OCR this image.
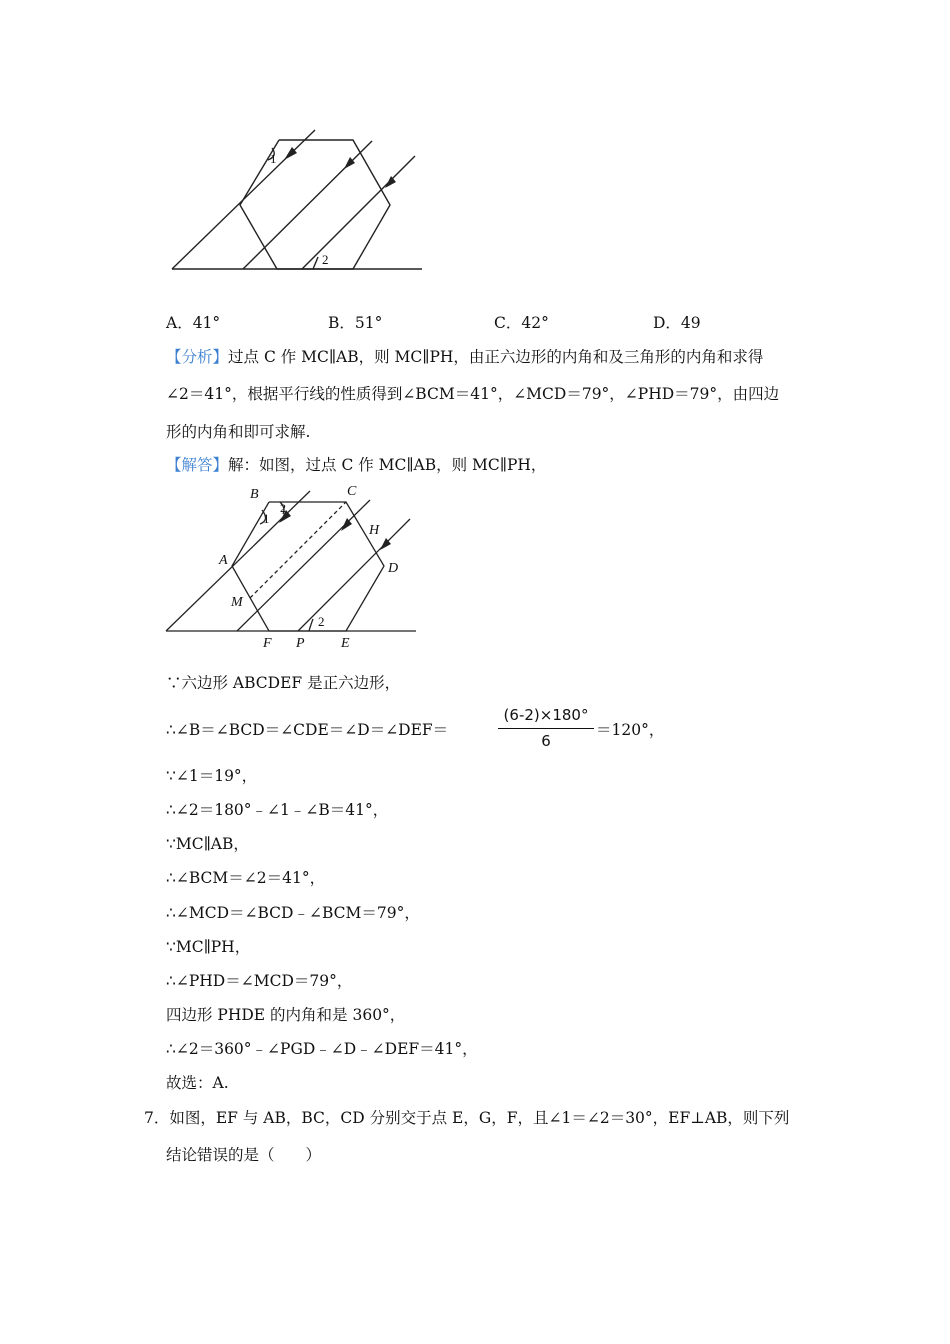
1
2
A．41°	B．51°	C．42°	D．49
【分析】过点 C 作 MC∥AB，则 MC∥PH，由正六边形的内角和及三角形的内角和求得
∠2＝41°，根据平行线的性质得到∠BCM＝41°，∠MCD＝79°，∠PHD＝79°，由四边
形的内角和即可求解.
【解答】解：如图，过点 C 作 MC∥AB，则 MC∥PH，
B	C
H
A
D
M
F P	E
1
2
2
∵六边形 ABCDEF 是正六边形，
∴∠B＝∠BCD＝∠CDE＝∠D＝∠DEF＝
(6-2)×180°
6
＝120°，
∵∠1＝19°，
∴∠2＝180°﹣∠1﹣∠B＝41°，
∵MC∥AB，
∴∠BCM＝∠2＝41°，
∴∠MCD＝∠BCD﹣∠BCM＝79°，
∵MC∥PH，
∴∠PHD＝∠MCD＝79°，
四边形 PHDE 的内角和是 360°，
∴∠2＝360°﹣∠PGD﹣∠D﹣∠DEF＝41°，
故选：A.
7．如图，EF 与 AB，BC，CD 分别交于点 E，G，F，且∠1＝∠2＝30°，EF⊥AB，则下列
结论错误的是（　　）
